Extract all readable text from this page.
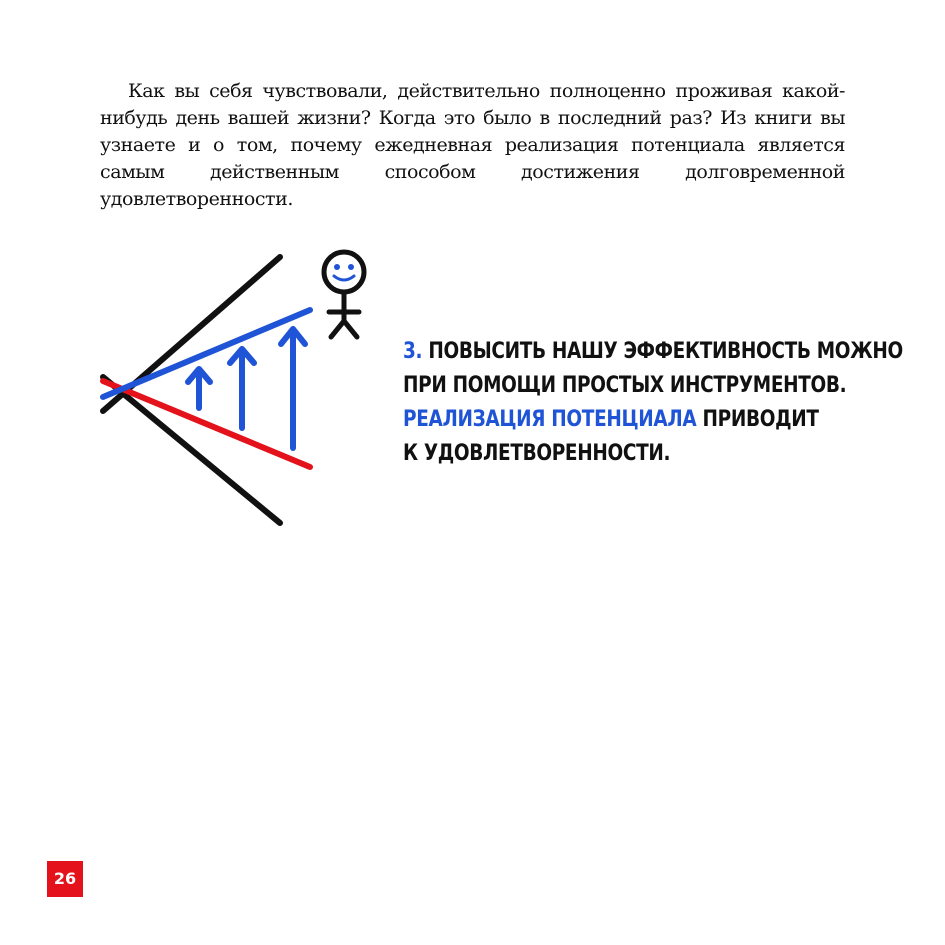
Как вы себя чувствовали, действительно полноценно проживая какой-нибудь день вашей жизни? Когда это было в последний раз? Из книги вы узнаете и о том, почему ежедневная реализация потенциала является самым действенным способом достижения долговременной удовлетворенности.

3. ПОВЫСИТЬ НАШУ ЭФФЕКТИВНОСТЬ МОЖНО
ПРИ ПОМОЩИ ПРОСТЫХ ИНСТРУМЕНТОВ.
РЕАЛИЗАЦИЯ ПОТЕНЦИАЛА ПРИВОДИТ
К УДОВЛЕТВОРЕННОСТИ.
26
